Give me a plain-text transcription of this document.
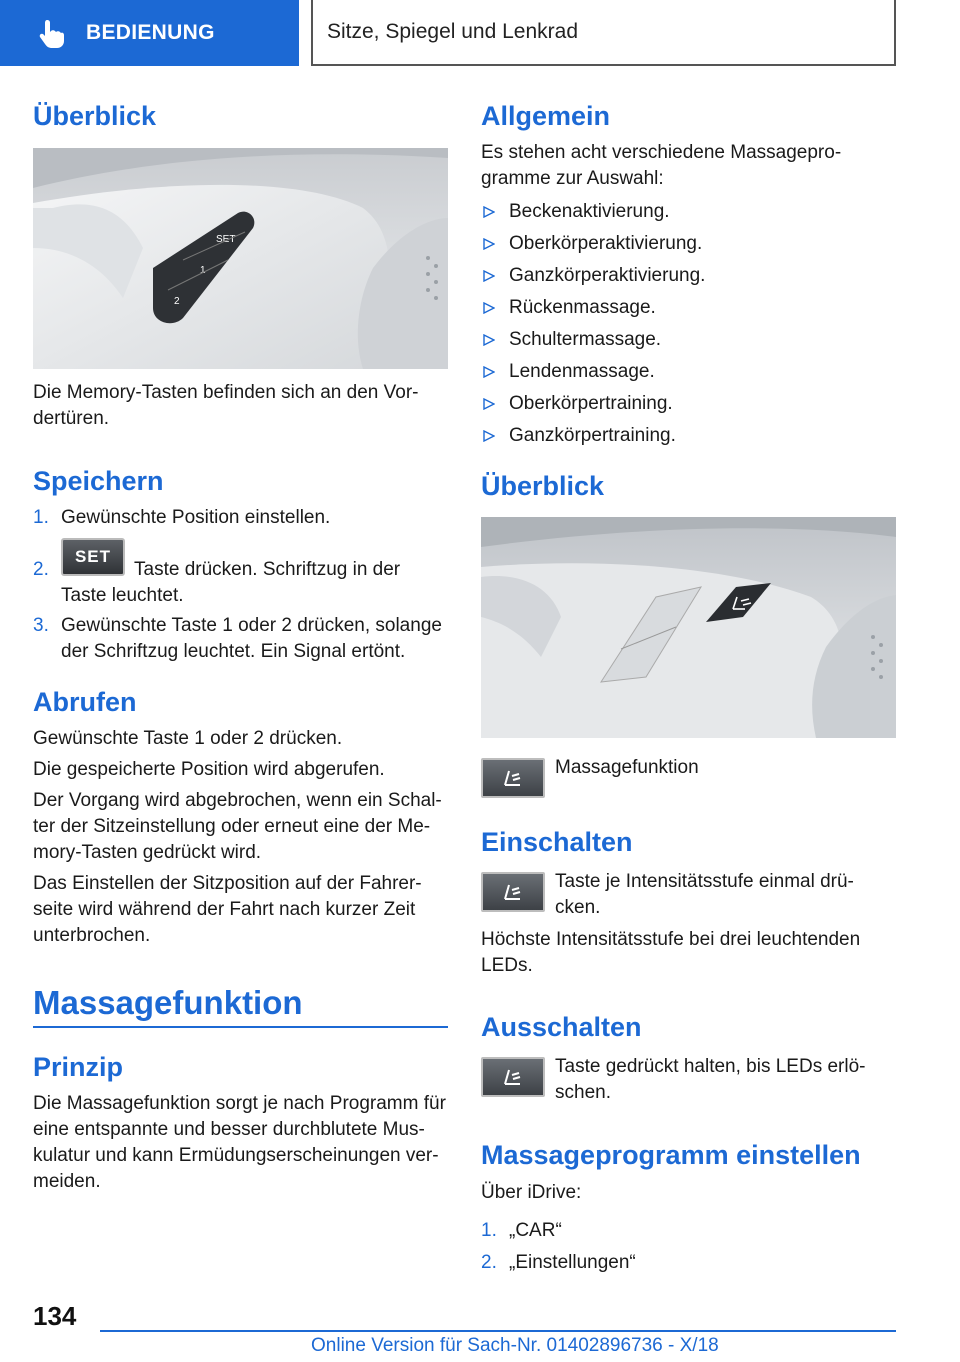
BEDIENUNG	Sitze, Spiegel und Lenkrad
Überblick
SET
1
2
Die Memory-Tasten befinden sich an den Vor-
dertüren.
Speichern
1. Gewünschte Position einstellen.
2.
SET
Taste drücken. Schriftzug in der
Taste leuchtet.
3. Gewünschte Taste 1 oder 2 drücken, solange
der Schriftzug leuchtet. Ein Signal ertönt.
Abrufen
Gewünschte Taste 1 oder 2 drücken.
Die gespeicherte Position wird abgerufen.
Der Vorgang wird abgebrochen, wenn ein Schal-
ter der Sitzeinstellung oder erneut eine der Me-
mory-Tasten gedrückt wird.
Das Einstellen der Sitzposition auf der Fahrer-
seite wird während der Fahrt nach kurzer Zeit
unterbrochen.
Massagefunktion
Prinzip
Die Massagefunktion sorgt je nach Programm für
eine entspannte und besser durchblutete Mus-
kulatur und kann Ermüdungserscheinungen ver-
meiden.
Allgemein
Es stehen acht verschiedene Massagepro-
gramme zur Auswahl:
Beckenaktivierung.
Oberkörperaktivierung.
Ganzkörperaktivierung.
Rückenmassage.
Schultermassage.
Lendenmassage.
Oberkörpertraining.
Ganzkörpertraining.
Überblick
Massagefunktion
Einschalten
Taste je Intensitätsstufe einmal drü-
cken.
Höchste Intensitätsstufe bei drei leuchtenden
LEDs.
Ausschalten
Taste gedrückt halten, bis LEDs erlö-
schen.
Massageprogramm einstellen
Über iDrive:
1. „CAR“
2. „Einstellungen“
134
Online Version für Sach-Nr. 01402896736 - X/18
